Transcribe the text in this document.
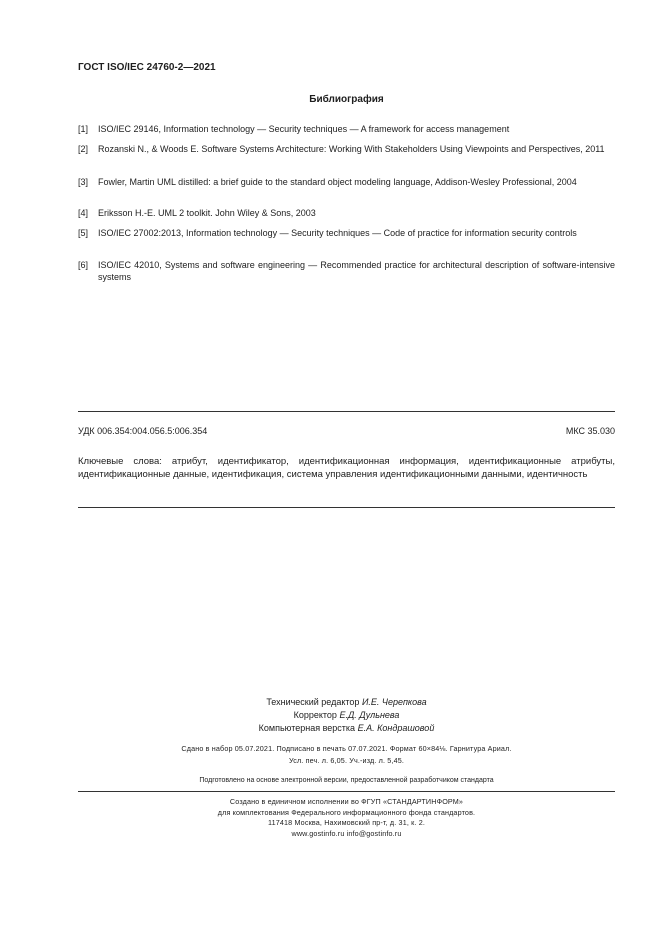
ГОСТ ISO/IEC 24760-2—2021
Библиография
[1]	ISO/IEC 29146, Information technology — Security techniques — A framework for access management
[2]	Rozanski N., & Woods E. Software Systems Architecture: Working With Stakeholders Using Viewpoints and Perspectives, 2011
[3]	Fowler, Martin UML distilled: a brief guide to the standard object modeling language, Addison-Wesley Professional, 2004
[4]	Eriksson H.-E. UML 2 toolkit. John Wiley & Sons, 2003
[5]	ISO/IEC 27002:2013, Information technology — Security techniques — Code of practice for information security controls
[6]	ISO/IEC 42010, Systems and software engineering — Recommended practice for architectural description of software-intensive systems
УДК 006.354:004.056.5:006.354	МКС 35.030
Ключевые слова: атрибут, идентификатор, идентификационная информация, идентификационные атрибуты, идентификационные данные, идентификация, система управления идентификационными данными, идентичность
Технический редактор И.Е. Черепкова
Корректор Е.Д. Дульнева
Компьютерная верстка Е.А. Кондрашовой
Сдано в набор 05.07.2021. Подписано в печать 07.07.2021. Формат 60×84⅛. Гарнитура Ариал.
Усл. печ. л. 6,05. Уч.-изд. л. 5,45.
Подготовлено на основе электронной версии, предоставленной разработчиком стандарта
Создано в единичном исполнении во ФГУП «СТАНДАРТИНФОРМ»
для комплектования Федерального информационного фонда стандартов.
117418 Москва, Нахимовский пр-т, д. 31, к. 2.
www.gostinfo.ru info@gostinfo.ru
